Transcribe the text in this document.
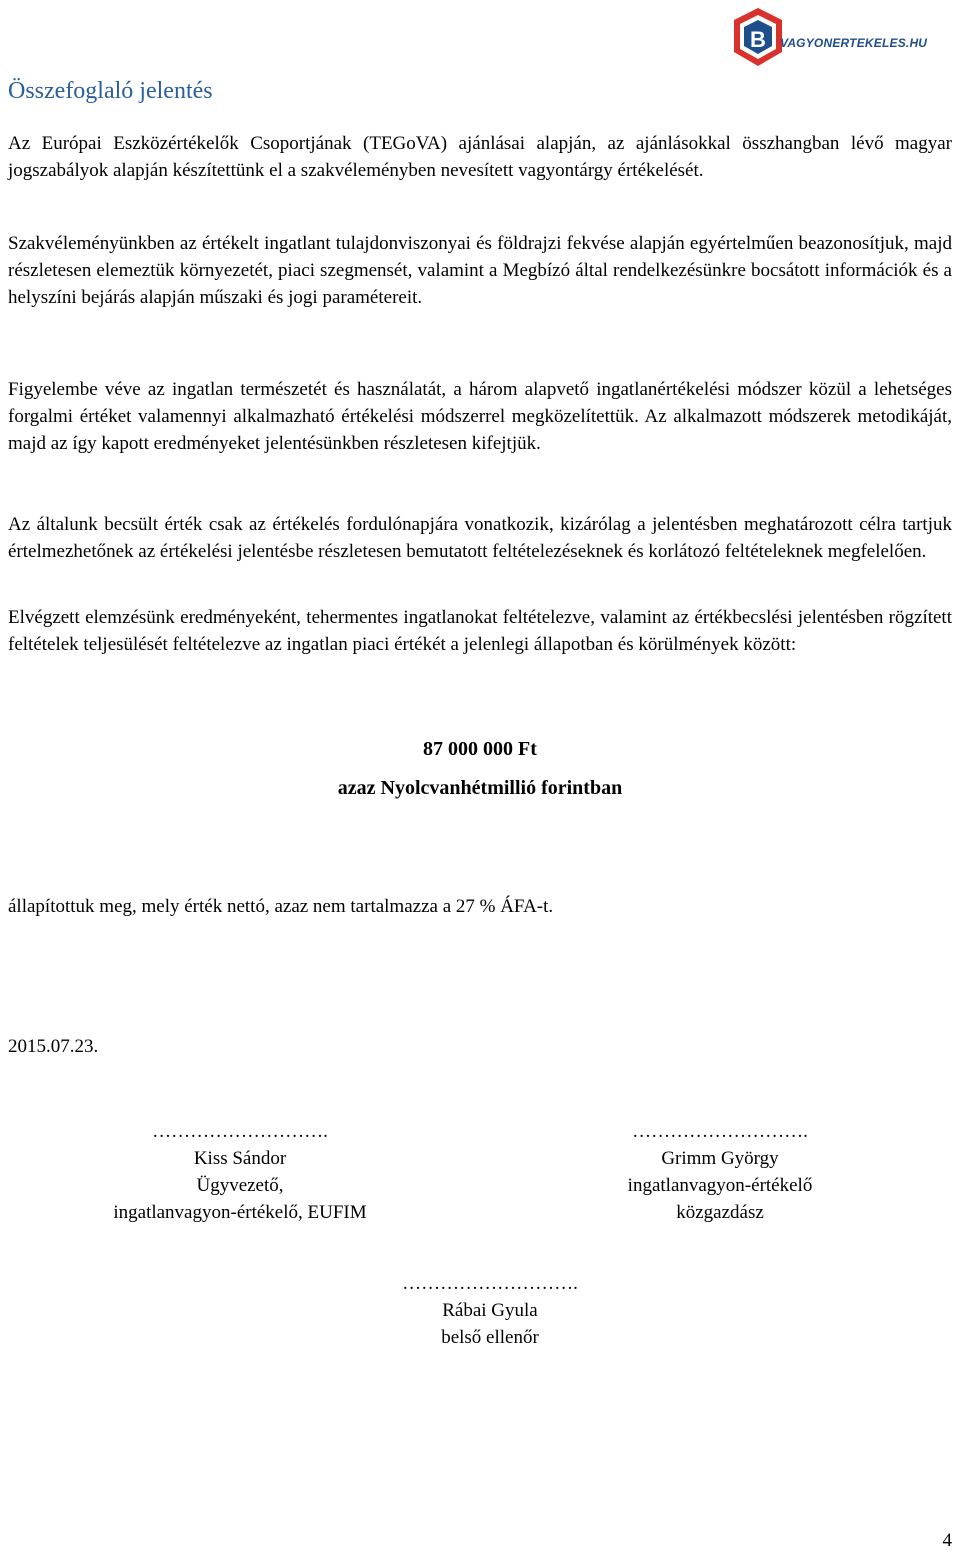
B VAGYONERTEKELES.HU
Összefoglaló jelentés

Az Európai Eszközértékelők Csoportjának (TEGoVA) ajánlásai alapján, az ajánlásokkal összhangban lévő magyar jogszabályok alapján készítettünk el a szakvéleményben nevesített vagyontárgy értékelését.

Szakvéleményünkben az értékelt ingatlant tulajdonviszonyai és földrajzi fekvése alapján egyértelműen beazonosítjuk, majd részletesen elemeztük környezetét, piaci szegmensét, valamint a Megbízó által rendelkezésünkre bocsátott információk és a helyszíni bejárás alapján műszaki és jogi paramétereit.

Figyelembe véve az ingatlan természetét és használatát, a három alapvető ingatlanértékelési módszer közül a lehetséges forgalmi értéket valamennyi alkalmazható értékelési módszerrel megközelítettük. Az alkalmazott módszerek metodikáját, majd az így kapott eredményeket jelentésünkben részletesen kifejtjük.

Az általunk becsült érték csak az értékelés fordulónapjára vonatkozik, kizárólag a jelentésben meghatározott célra tartjuk értelmezhetőnek az értékelési jelentésbe részletesen bemutatott feltételezéseknek és korlátozó feltételeknek megfelelően.

Elvégzett elemzésünk eredményeként, tehermentes ingatlanokat feltételezve, valamint az értékbecslési jelentésben rögzített feltételek teljesülését feltételezve az ingatlan piaci értékét a jelenlegi állapotban és körülmények között:

87 000 000 Ft
azaz Nyolcvanhétmillió forintban
állapítottuk meg, mely érték nettó, azaz nem tartalmazza a 27 % ÁFA-t.
2015.07.23.
……………………….
Kiss Sándor
Ügyvezető,
ingatlanvagyon-értékelő, EUFIM
……………………….
Grimm György
ingatlanvagyon-értékelő
közgazdász
……………………….
Rábai Gyula
belső ellenőr
4
